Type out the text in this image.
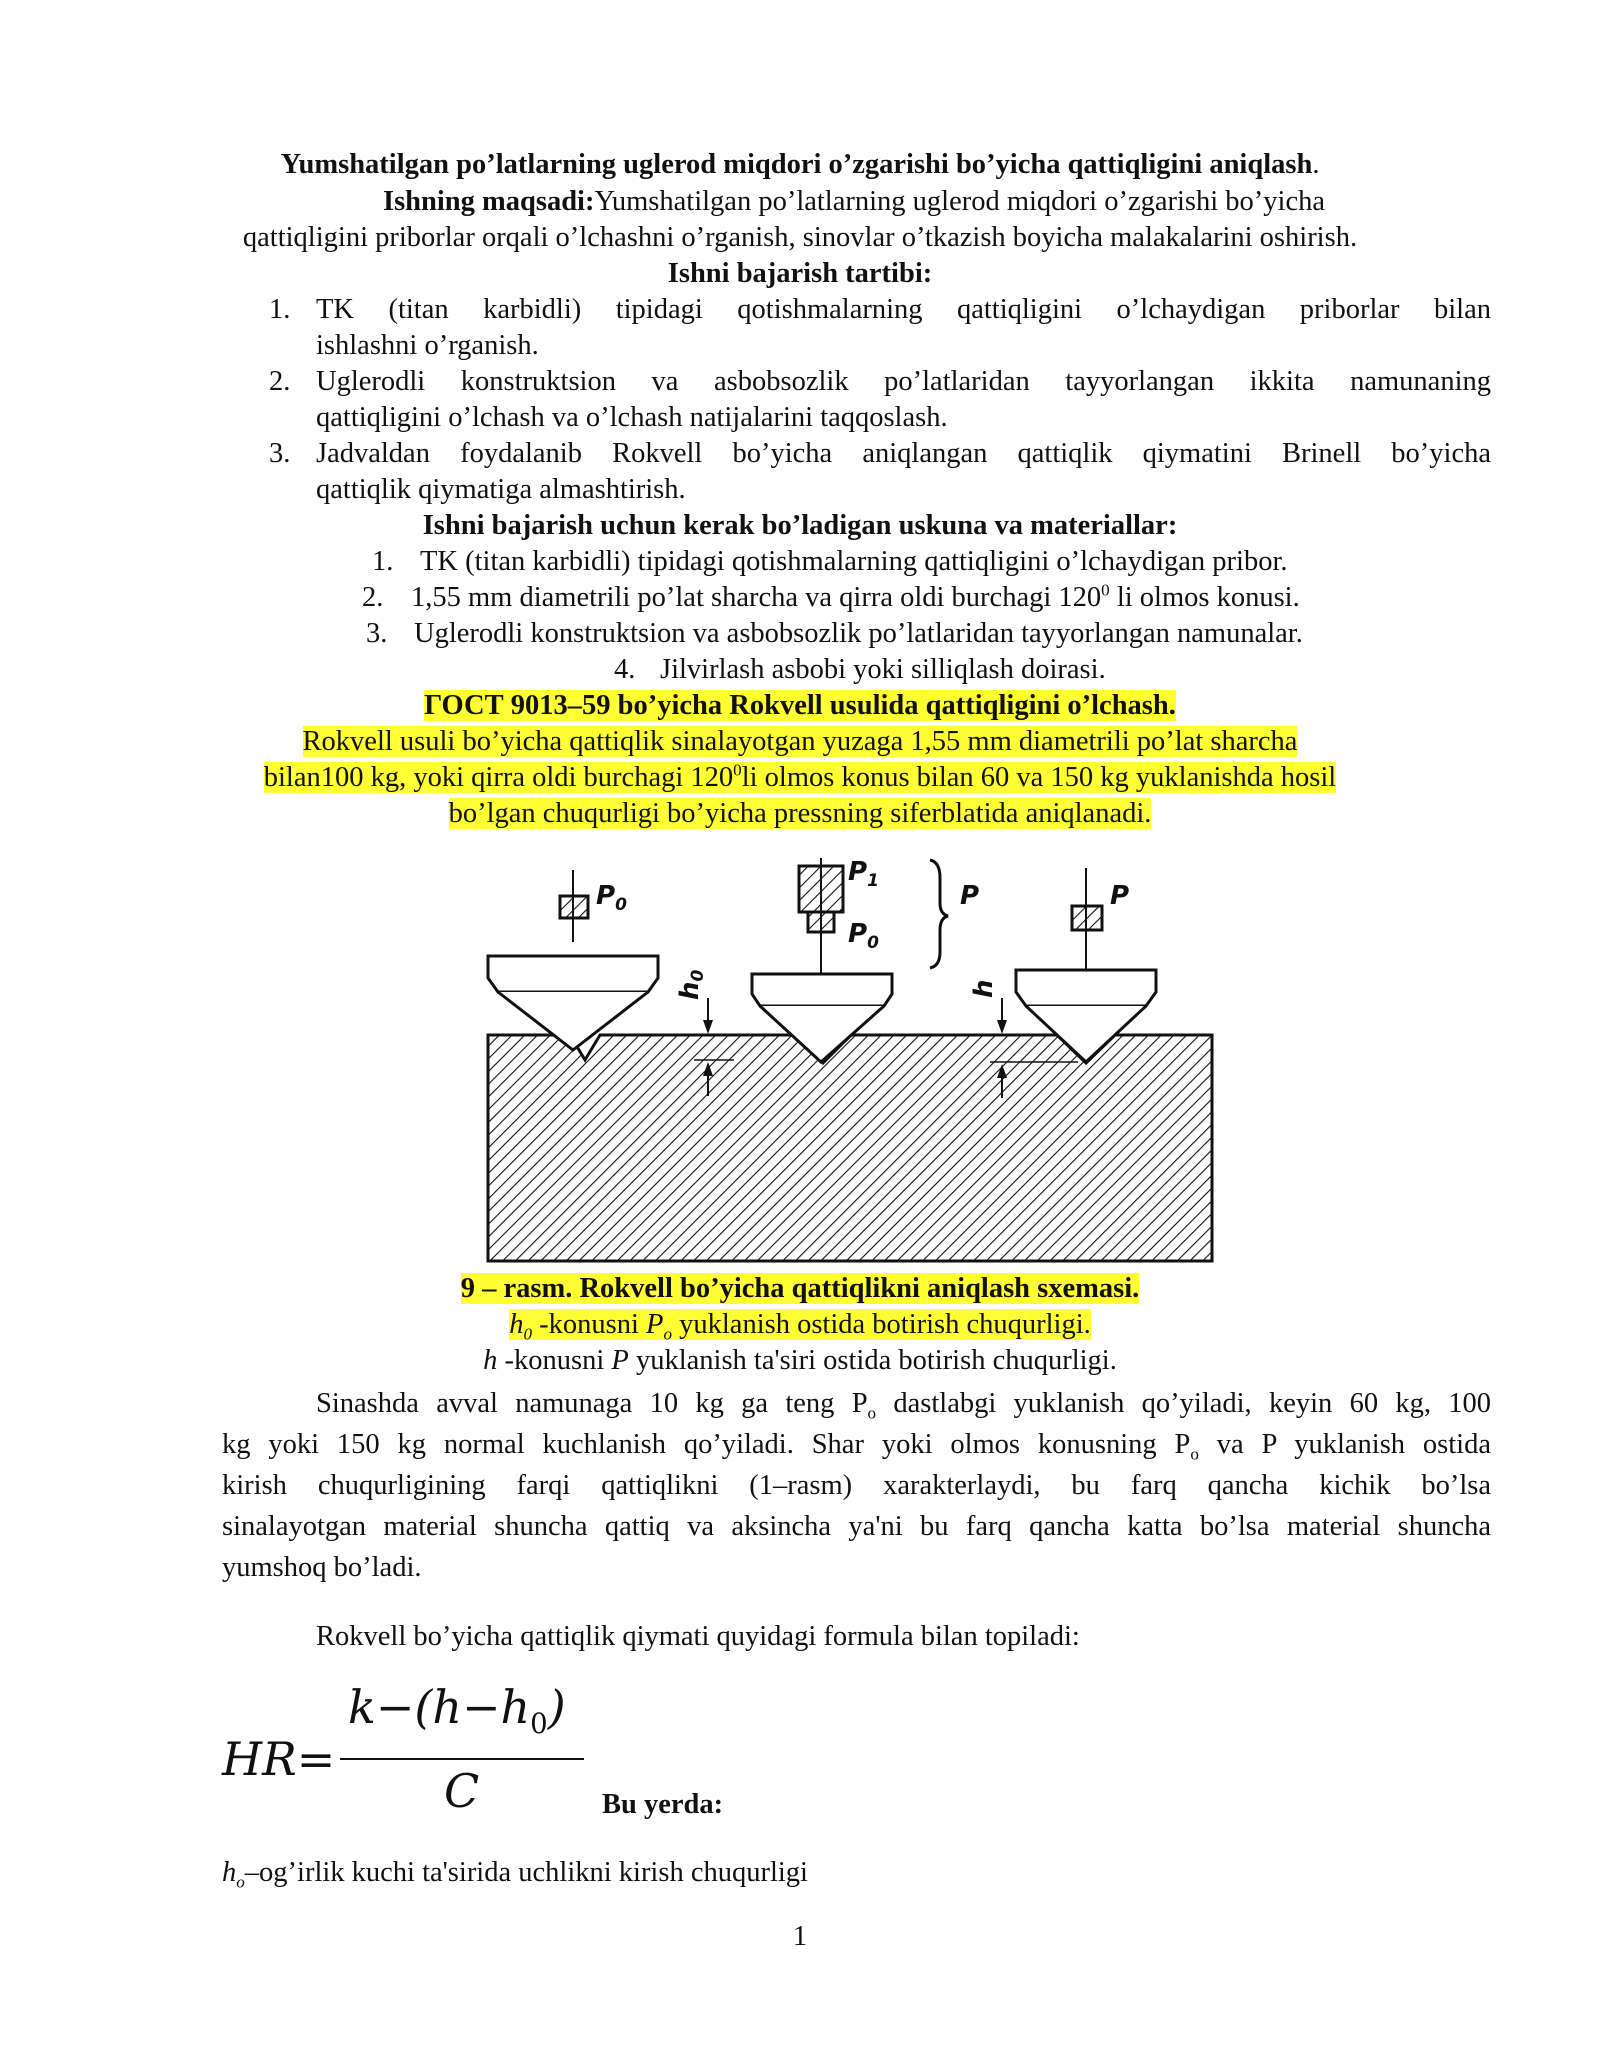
Yumshatilgan po’latlarning uglerod miqdori o’zgarishi bo’yicha qattiqligini aniqlash.
Ishning maqsadi:Yumshatilgan po’latlarning uglerod miqdori o’zgarishi bo’yicha
qattiqligini priborlar orqali o’lchashni o’rganish, sinovlar o’tkazish boyicha malakalarini oshirish.
Ishni bajarish tartibi:
1. TK (titan karbidli) tipidagi qotishmalarning qattiqligini o’lchaydigan priborlar bilan
ishlashni o’rganish.
2. Uglerodli konstruktsion va asbobsozlik po’latlaridan tayyorlangan ikkita namunaning
qattiqligini o’lchash va o’lchash natijalarini taqqoslash.
3. Jadvaldan foydalanib Rokvell bo’yicha aniqlangan qattiqlik qiymatini Brinell bo’yicha
qattiqlik qiymatiga almashtirish.
Ishni bajarish uchun kerak bo’ladigan uskuna va materiallar:
1. TK (titan karbidli) tipidagi qotishmalarning qattiqligini o’lchaydigan pribor.
2. 1,55 mm diametrili po’lat sharcha va qirra oldi burchagi $120^0$ li olmos konusi.
3. Uglerodli konstruktsion va asbobsozlik po’latlaridan tayyorlangan namunalar.
4. Jilvirlash asbobi yoki silliqlash doirasi.
ГОСТ 9013–59 bo’yicha Rokvell usulida qattiqligini o’lchash.
Rokvell usuli bo’yicha qattiqlik sinalayotgan yuzaga 1,55 mm diametrili po’lat sharcha
bilan100 kg, yoki qirra oldi burchagi $120^0li$ olmos konus bilan 60 va 150 kg yuklanishda hosil
bo’lgan chuqurligi bo’yicha pressning siferblatida aniqlanadi.
$P_0$
$P_1$
$P_0$
P	P
h0
h
9 – rasm. Rokvell bo’yicha qattiqlikni aniqlash sxemasi.
$h_0$ -konusni $P_o$ yuklanish ostida botirish chuqurligi.
h -konusni P yuklanish ta'siri ostida botirish chuqurligi.
Sinashda avval namunaga 10 kg ga teng $P_o$ dastlabgi yuklanish qo’yiladi, keyin 60 kg, 100
kg yoki 150 kg normal kuchlanish qo’yiladi. Shar yoki olmos konusning $P_o$ va P yuklanish ostida
kirish chuqurligining farqi qattiqlikni (1–rasm) xarakterlaydi, bu farq qancha kichik bo’lsa
sinalayotgan material shuncha qattiq va aksincha ya'ni bu farq qancha katta bo’lsa material shuncha
yumshoq bo’ladi.
Rokvell bo’yicha qattiqlik qiymati quyidagi formula bilan topiladi:
HR=
$k-(h-h_0)$
C	Bu yerda:
$h_o-og’irlik$ kuchi ta'sirida uchlikni kirish chuqurligi
1
